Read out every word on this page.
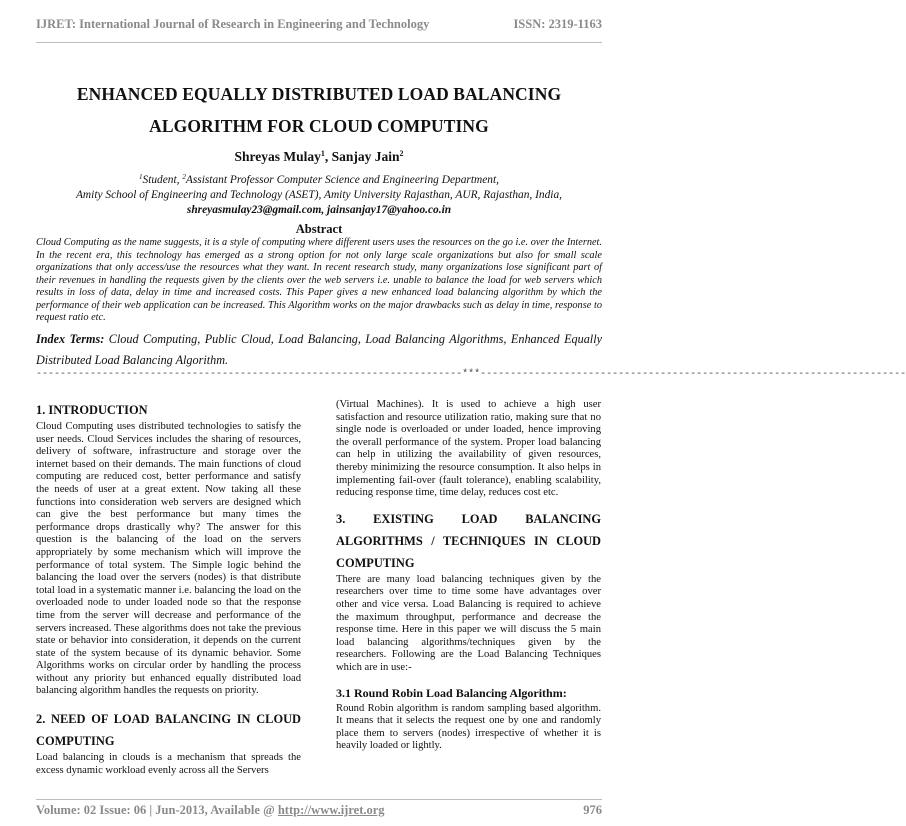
IJRET: International Journal of Research in Engineering and Technology	ISSN: 2319-1163
ENHANCED EQUALLY DISTRIBUTED LOAD BALANCING
ALGORITHM FOR CLOUD COMPUTING
Shreyas Mulay$^1$, Sanjay Jain$^2$
$^1$Student, $^2$Assistant Professor Computer Science and Engineering Department,
Amity School of Engineering and Technology (ASET), Amity University Rajasthan, AUR, Rajasthan, India,
shreyasmulay23@gmail.com, jainsanjay17@yahoo.co.in
Abstract
Cloud Computing as the name suggests, it is a style of computing where different users uses the resources on the go i.e. over the Internet. In the recent era, this technology has emerged as a strong option for not only large scale organizations but also for small scale organizations that only access/use the resources what they want. In recent research study, many organizations lose significant part of their revenues in handling the requests given by the clients over the web servers i.e. unable to balance the load for web servers which results in loss of data, delay in time and increased costs. This Paper gives a new enhanced load balancing algorithm by which the performance of their web application can be increased. This Algorithm works on the major drawbacks such as delay in time, response to request ratio etc.
Index Terms: Cloud Computing, Public Cloud, Load Balancing, Load Balancing Algorithms, Enhanced Equally Distributed Load Balancing Algorithm.
-----------------------------------------------------------------------***-----------------------------------------------------------------------
1. INTRODUCTION

Cloud Computing uses distributed technologies to satisfy the user needs. Cloud Services includes the sharing of resources, delivery of software, infrastructure and storage over the internet based on their demands. The main functions of cloud computing are reduced cost, better performance and satisfy the needs of user at a great extent. Now taking all these functions into consideration web servers are designed which can give the best performance but many times the performance drops drastically why? The answer for this question is the balancing of the load on the servers appropriately by some mechanism which will improve the performance of total system. The Simple logic behind the balancing the load over the servers (nodes) is that distribute total load in a systematic manner i.e. balancing the load on the overloaded node to under loaded node so that the response time from the server will decrease and performance of the servers increased. These algorithms does not take the previous state or behavior into consideration, it depends on the current state of the system because of its dynamic behavior. Some Algorithms works on circular order by handling the process without any priority but enhanced equally distributed load balancing algorithm handles the requests on priority.

2. NEED OF LOAD BALANCING IN CLOUD COMPUTING

Load balancing in clouds is a mechanism that spreads the excess dynamic workload evenly across all the Servers

(Virtual Machines). It is used to achieve a high user satisfaction and resource utilization ratio, making sure that no single node is overloaded or under loaded, hence improving the overall performance of the system. Proper load balancing can help in utilizing the availability of given resources, thereby minimizing the resource consumption. It also helps in implementing fail-over (fault tolerance), enabling scalability, reducing response time, time delay, reduces cost etc.

3. EXISTING LOAD BALANCING ALGORITHMS / TECHNIQUES IN CLOUD COMPUTING

There are many load balancing techniques given by the researchers over time to time some have advantages over other and vice versa. Load Balancing is required to achieve the maximum throughput, performance and decrease the response time. Here in this paper we will discuss the 5 main load balancing algorithms/techniques given by the researchers. Following are the Load Balancing Techniques which are in use:-

3.1 Round Robin Load Balancing Algorithm:

Round Robin algorithm is random sampling based algorithm. It means that it selects the request one by one and randomly place them to servers (nodes) irrespective of whether it is heavily loaded or lightly.

Volume: 02 Issue: 06 | Jun-2013, Available @ http://www.ijret.org	976
